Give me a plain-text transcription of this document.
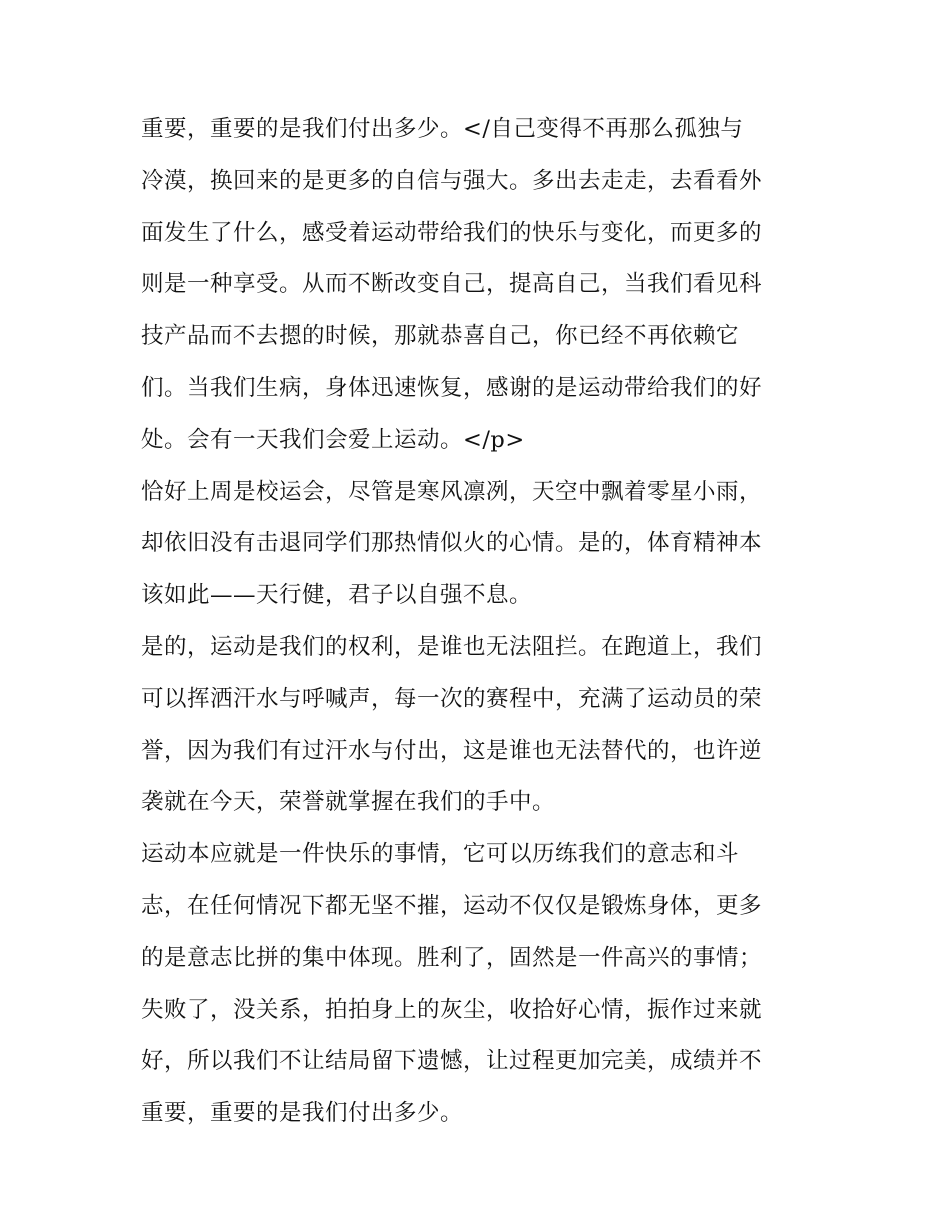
重要，重要的是我们付出多少。</自己变得不再那么孤独与
冷漠，换回来的是更多的自信与强大。多出去走走，去看看外
面发生了什么，感受着运动带给我们的快乐与变化，而更多的
则是一种享受。从而不断改变自己，提高自己，当我们看见科
技产品而不去摁的时候，那就恭喜自己，你已经不再依赖它
们。当我们生病，身体迅速恢复，感谢的是运动带给我们的好
处。会有一天我们会爱上运动。</p>
恰好上周是校运会，尽管是寒风凛冽，天空中飘着零星小雨，
却依旧没有击退同学们那热情似火的心情。是的，体育精神本
该如此——天行健，君子以自强不息。
是的，运动是我们的权利，是谁也无法阻拦。在跑道上，我们
可以挥洒汗水与呼喊声，每一次的赛程中，充满了运动员的荣
誉，因为我们有过汗水与付出，这是谁也无法替代的，也许逆
袭就在今天，荣誉就掌握在我们的手中。
运动本应就是一件快乐的事情，它可以历练我们的意志和斗
志，在任何情况下都无坚不摧，运动不仅仅是锻炼身体，更多
的是意志比拼的集中体现。胜利了，固然是一件高兴的事情；
失败了，没关系，拍拍身上的灰尘，收拾好心情，振作过来就
好，所以我们不让结局留下遗憾，让过程更加完美，成绩并不
重要，重要的是我们付出多少。
